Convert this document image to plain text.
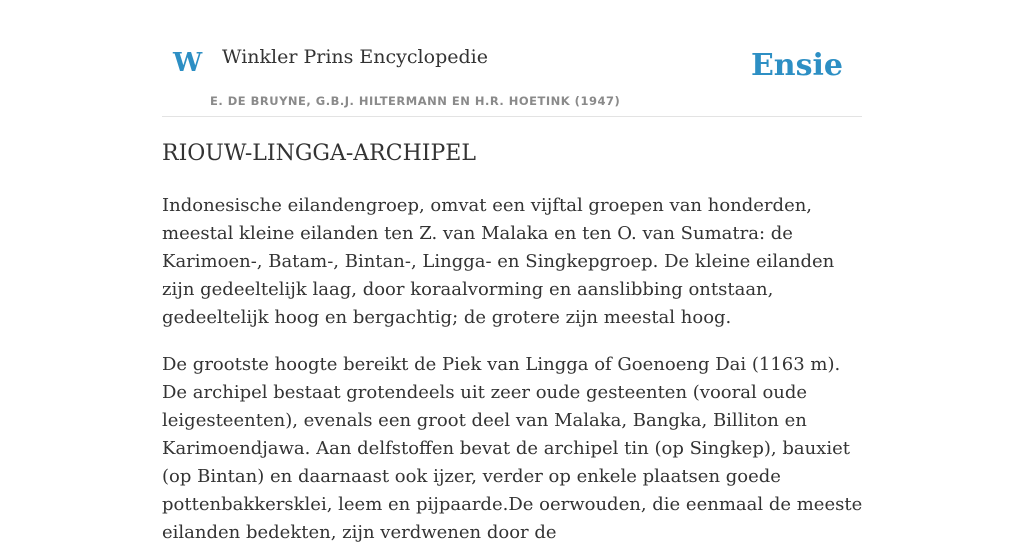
W Winkler Prins Encyclopedie
E. DE BRUYNE, G.B.J. HILTERMANN EN H.R. HOETINK (1947)
Ensie
RIOUW-LINGGA-ARCHIPEL

Indonesische eilandengroep, omvat een vijftal groepen van honderden, meestal kleine eilanden ten Z. van Malaka en ten O. van Sumatra: de Karimoen-, Batam-, Bintan-, Lingga- en Singkepgroep. De kleine eilanden zijn gedeeltelijk laag, door koraalvorming en aanslibbing ontstaan, gedeeltelijk hoog en bergachtig; de grotere zijn meestal hoog.

De grootste hoogte bereikt de Piek van Lingga of Goenoeng Dai (1163 m). De archipel bestaat grotendeels uit zeer oude gesteenten (vooral oude leigesteenten), evenals een groot deel van Malaka, Bangka, Billiton en Karimoendjawa. Aan delfstoffen bevat de archipel tin (op Singkep), bauxiet (op Bintan) en daarnaast ook ijzer, verder op enkele plaatsen goede pottenbakkersklei, leem en pijpaarde.De oerwouden, die eenmaal de meeste eilanden bedekten, zijn verdwenen door de
